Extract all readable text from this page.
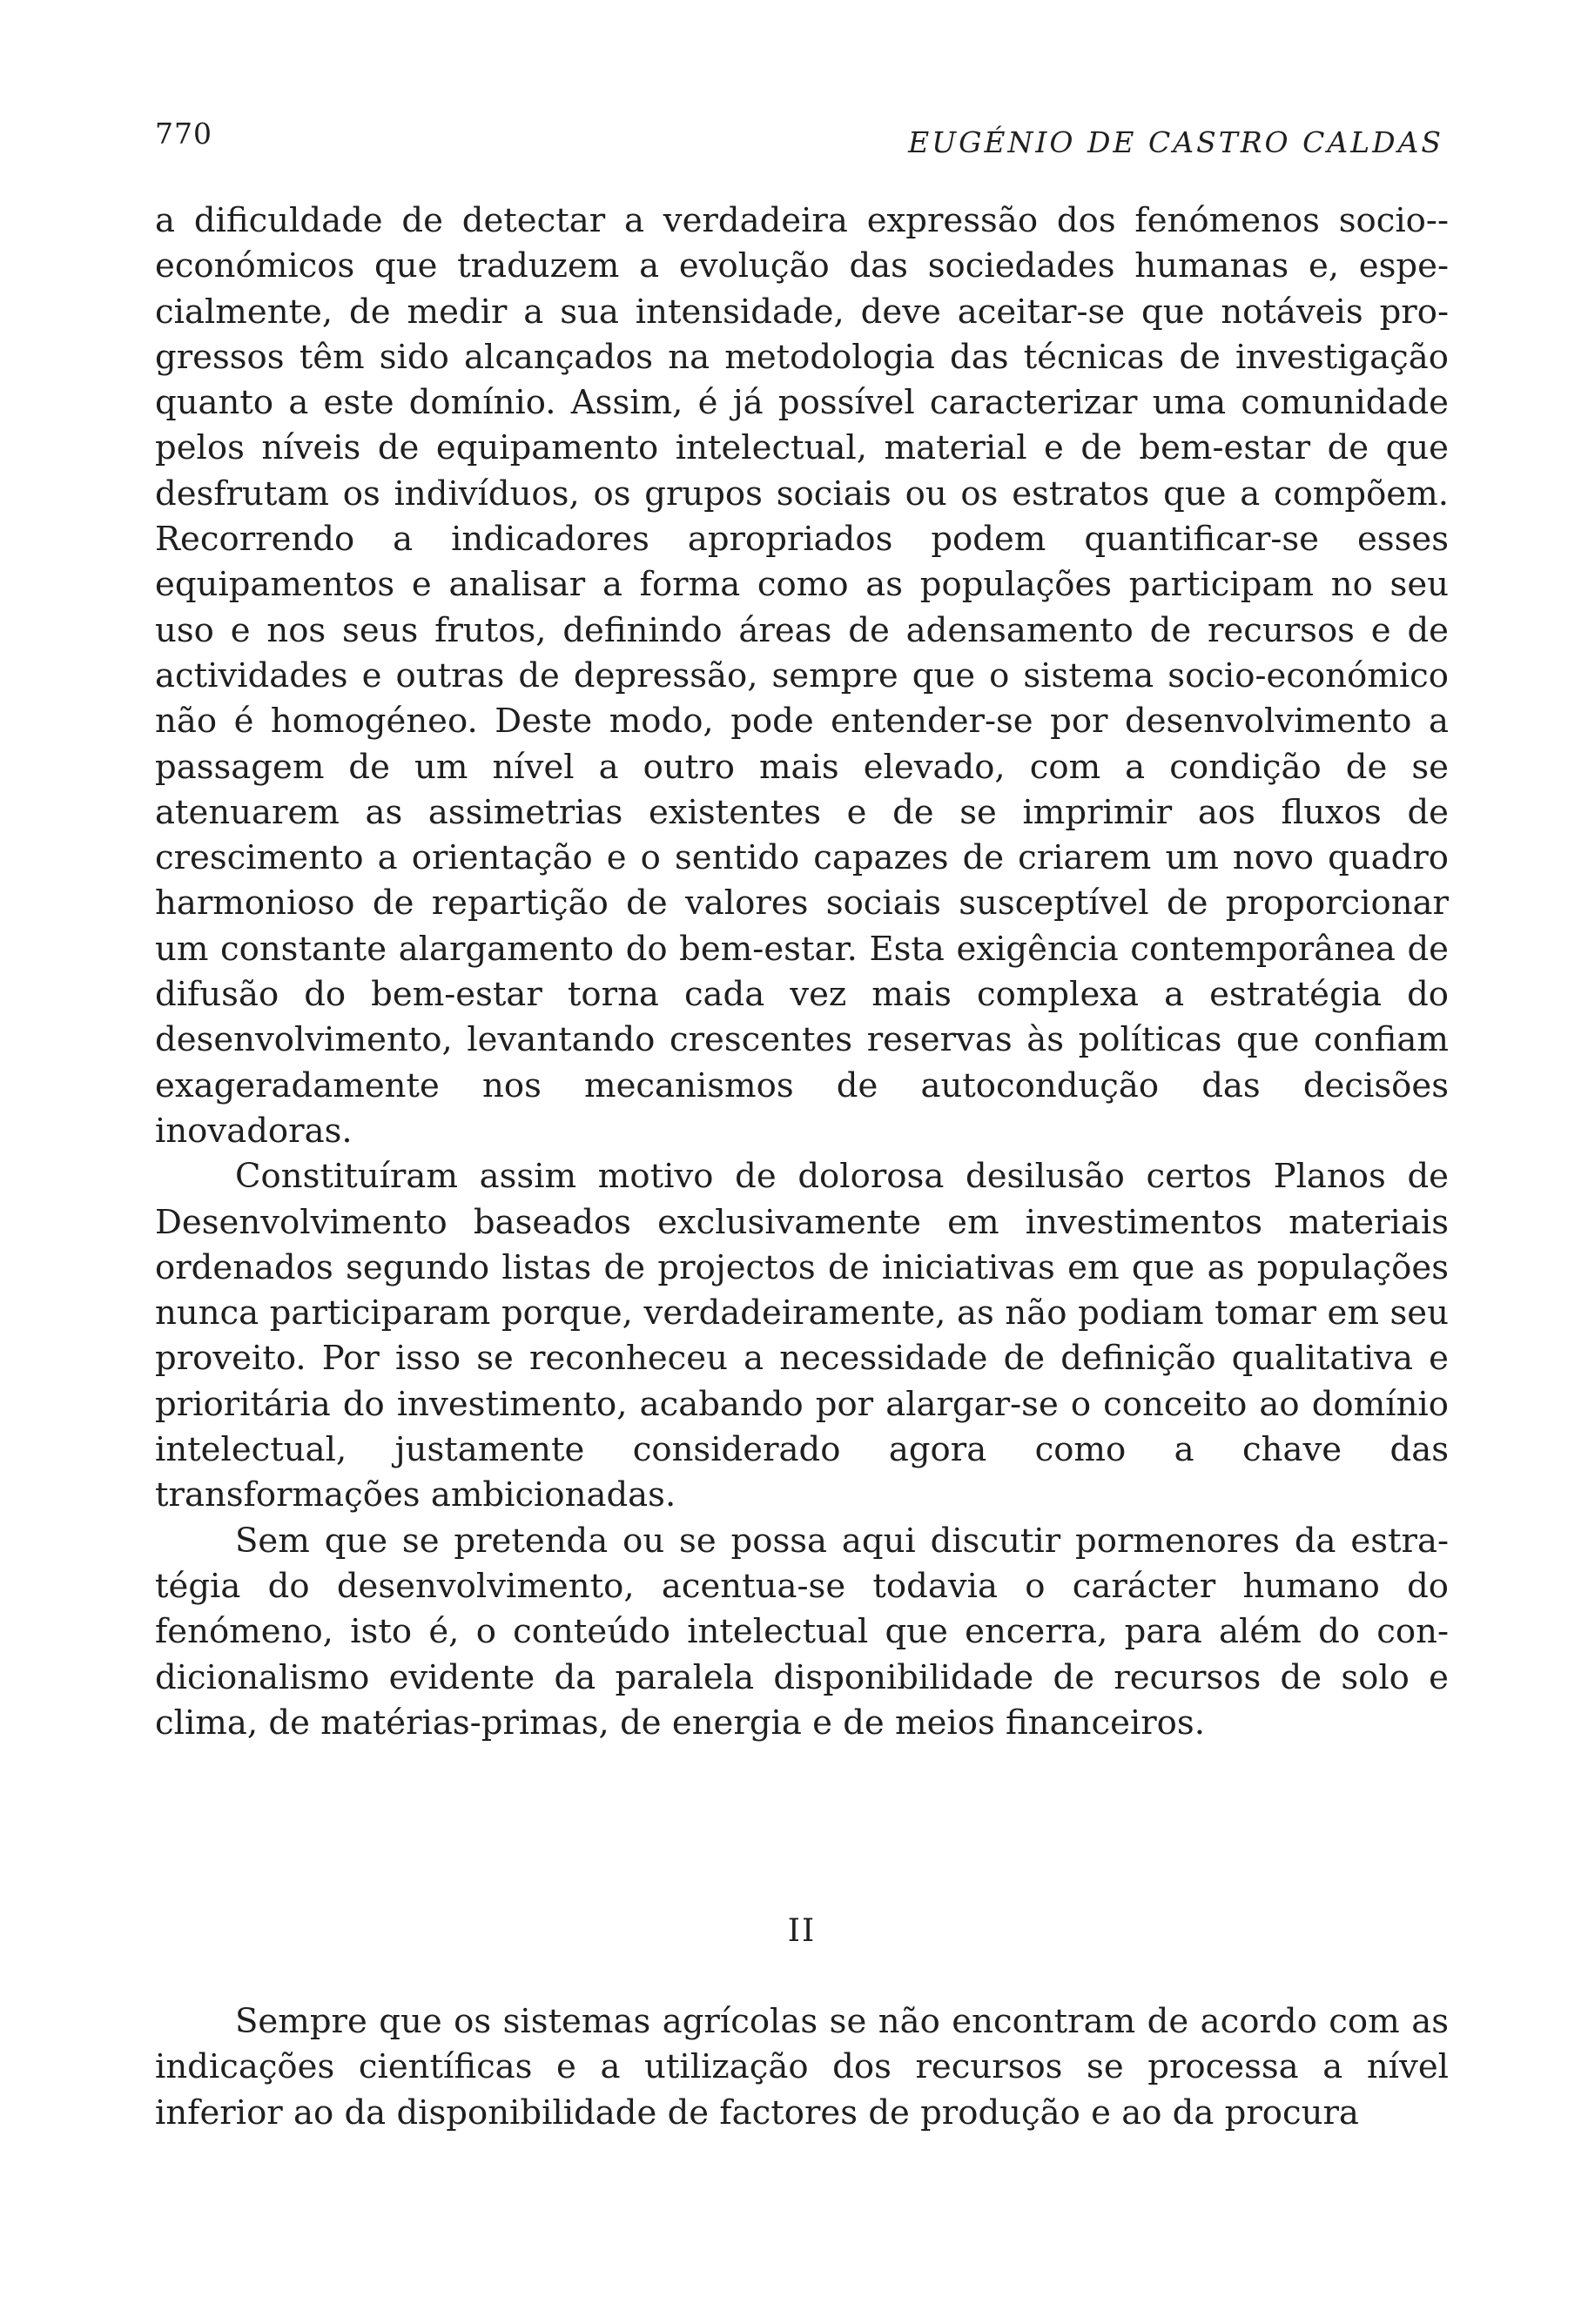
770	EUGÉNIO DE CASTRO CALDAS

a dificuldade de detectar a verdadeira expressão dos fenómenos socio-económicos que traduzem a evolução das sociedades humanas e, especialmente, de medir a sua intensidade, deve aceitar-se que notáveis progressos têm sido alcançados na metodologia das técnicas de investigação quanto a este domínio. Assim, é já possível caracterizar uma comunidade pelos níveis de equipamento intelectual, material e de bem-estar de que desfrutam os indivíduos, os grupos sociais ou os estratos que a compõem. Recorrendo a indicadores apropriados podem quantificar-se esses equipamentos e analisar a forma como as populações participam no seu uso e nos seus frutos, definindo áreas de adensamento de recursos e de actividades e outras de depressão, sempre que o sistema socio-económico não é homogéneo. Deste modo, pode entender-se por desenvolvimento a passagem de um nível a outro mais elevado, com a condição de se atenuarem as assimetrias existentes e de se imprimir aos fluxos de crescimento a orientação e o sentido capazes de criarem um novo quadro harmonioso de repartição de valores sociais susceptível de proporcionar um constante alargamento do bem-estar. Esta exigência contemporânea de difusão do bem-estar torna cada vez mais complexa a estratégia do desenvolvimento, levantando crescentes reservas às políticas que confiam exageradamente nos mecanismos de autocondução das decisões inovadoras.

Constituíram assim motivo de dolorosa desilusão certos Planos de Desenvolvimento baseados exclusivamente em investimentos materiais ordenados segundo listas de projectos de iniciativas em que as populações nunca participaram porque, verdadeiramente, as não podiam tomar em seu proveito. Por isso se reconheceu a necessidade de definição qualitativa e prioritária do investimento, acabando por alargar-se o conceito ao domínio intelectual, justamente considerado agora como a chave das transformações ambicionadas.

Sem que se pretenda ou se possa aqui discutir pormenores da estratégia do desenvolvimento, acentua-se todavia o carácter humano do fenómeno, isto é, o conteúdo intelectual que encerra, para além do condicionalismo evidente da paralela disponibilidade de recursos de solo e clima, de matérias-primas, de energia e de meios financeiros.

II

Sempre que os sistemas agrícolas se não encontram de acordo com as indicações científicas e a utilização dos recursos se processa a nível inferior ao da disponibilidade de factores de produção e ao da procura
